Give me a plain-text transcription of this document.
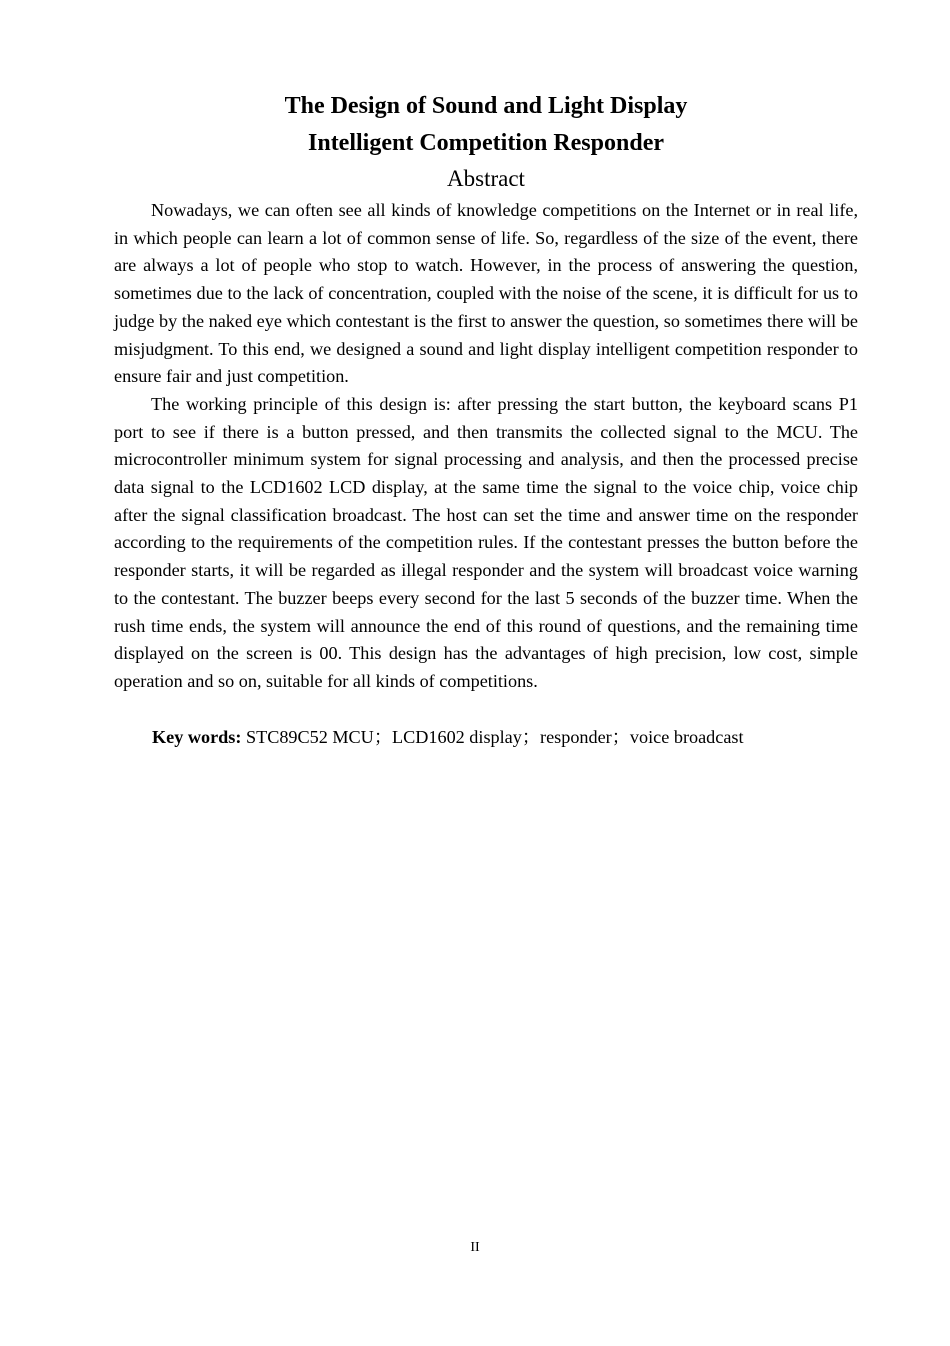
The Design of Sound and Light Display

Intelligent Competition Responder

Abstract

Nowadays, we can often see all kinds of knowledge competitions on the Internet or in real life, in which people can learn a lot of common sense of life. So, regardless of the size of the event, there are always a lot of people who stop to watch. However, in the process of answering the question, sometimes due to the lack of concentration, coupled with the noise of the scene, it is difficult for us to judge by the naked eye which contestant is the first to answer the question, so sometimes there will be misjudgment. To this end, we designed a sound and light display intelligent competition responder to ensure fair and just competition.

The working principle of this design is: after pressing the start button, the keyboard scans P1 port to see if there is a button pressed, and then transmits the collected signal to the MCU. The microcontroller minimum system for signal processing and analysis, and then the processed precise data signal to the LCD1602 LCD display, at the same time the signal to the voice chip, voice chip after the signal classification broadcast. The host can set the time and answer time on the responder according to the requirements of the competition rules. If the contestant presses the button before the responder starts, it will be regarded as illegal responder and the system will broadcast voice warning to the contestant. The buzzer beeps every second for the last 5 seconds of the buzzer time. When the rush time ends, the system will announce the end of this round of questions, and the remaining time displayed on the screen is 00. This design has the advantages of high precision, low cost, simple operation and so on, suitable for all kinds of competitions.

Key words: STC89C52 MCU；LCD1602 display；responder；voice broadcast

II
